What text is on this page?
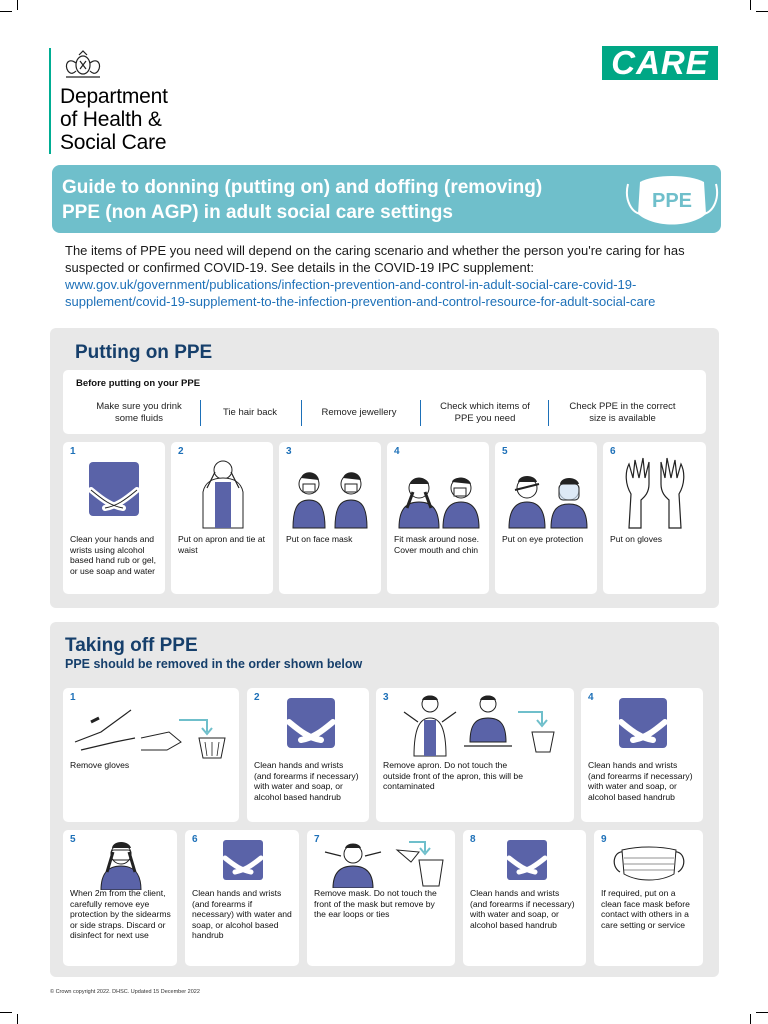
Department
of Health &
Social Care
CARE
Guide to donning (putting on) and doffing (removing)
PPE (non AGP) in adult social care settings
PPE
The items of PPE you need will depend on the caring scenario and whether the person you're caring for has suspected or confirmed COVID-19. See details in the COVID-19 IPC supplement: www.gov.uk/government/publications/infection-prevention-and-control-in-adult-social-care-covid-19-supplement/covid-19-supplement-to-the-infection-prevention-and-control-resource-for-adult-social-care
Putting on PPE
Before putting on your PPE
Make sure you drink some fluids
Tie hair back	Remove jewellery
Check which items of PPE you need
Check PPE in the correct size is available
1
Clean your hands and wrists using alcohol based hand rub or gel, or use soap and water
2
Put on apron and tie at waist
3
Put on face mask
4
Fit mask around nose. Cover mouth and chin
5
Put on eye protection
6
Put on gloves
Taking off PPE
PPE should be removed in the order shown below
1
Remove gloves
2
Clean hands and wrists (and forearms if necessary) with water and soap, or alcohol based handrub
3
Remove apron. Do not touch the outside front of the apron, this will be contaminated
4
Clean hands and wrists (and forearms if necessary) with water and soap, or alcohol based handrub
5
When 2m from the client, carefully remove eye protection by the sidearms or side straps. Discard or disinfect for next use
6
Clean hands and wrists (and forearms if necessary) with water and soap, or alcohol based handrub
7
Remove mask. Do not touch the front of the mask but remove by the ear loops or ties
8
Clean hands and wrists (and forearms if necessary) with water and soap, or alcohol based handrub
9
If required, put on a clean face mask before contact with others in a care setting or service
© Crown copyright 2022. DHSC. Updated 15 December 2022
